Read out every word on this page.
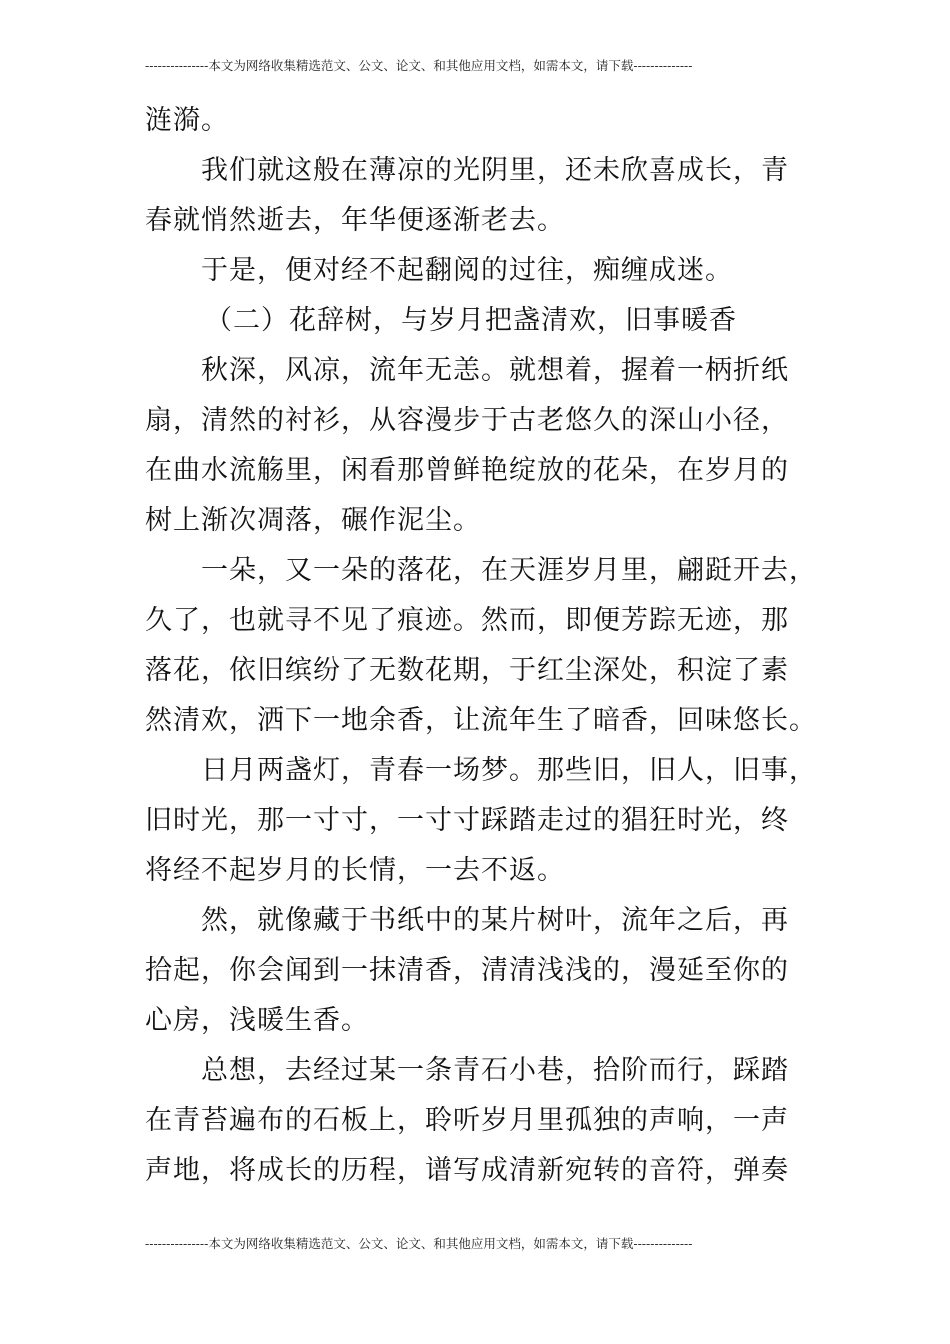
---------------本文为网络收集精选范文、公文、论文、和其他应用文档，如需本文，请下载--------------
涟漪。
我们就这般在薄凉的光阴里，还未欣喜成长，青
春就悄然逝去，年华便逐渐老去。
于是，便对经不起翻阅的过往，痴缠成迷。
（二）花辞树，与岁月把盏清欢，旧事暖香
秋深，风凉，流年无恙。就想着，握着一柄折纸
扇，清然的衬衫，从容漫步于古老悠久的深山小径，
在曲水流觞里，闲看那曾鲜艳绽放的花朵，在岁月的
树上渐次凋落，碾作泥尘。
一朵，又一朵的落花，在天涯岁月里，翩跹开去，
久了，也就寻不见了痕迹。然而，即便芳踪无迹，那
落花，依旧缤纷了无数花期，于红尘深处，积淀了素
然清欢，洒下一地余香，让流年生了暗香，回味悠长。
日月两盏灯，青春一场梦。那些旧，旧人，旧事，
旧时光，那一寸寸，一寸寸踩踏走过的猖狂时光，终
将经不起岁月的长情，一去不返。
然，就像藏于书纸中的某片树叶，流年之后，再
拾起，你会闻到一抹清香，清清浅浅的，漫延至你的
心房，浅暖生香。
总想，去经过某一条青石小巷，拾阶而行，踩踏
在青苔遍布的石板上，聆听岁月里孤独的声响，一声
声地，将成长的历程，谱写成清新宛转的音符，弹奏
---------------本文为网络收集精选范文、公文、论文、和其他应用文档，如需本文，请下载--------------
